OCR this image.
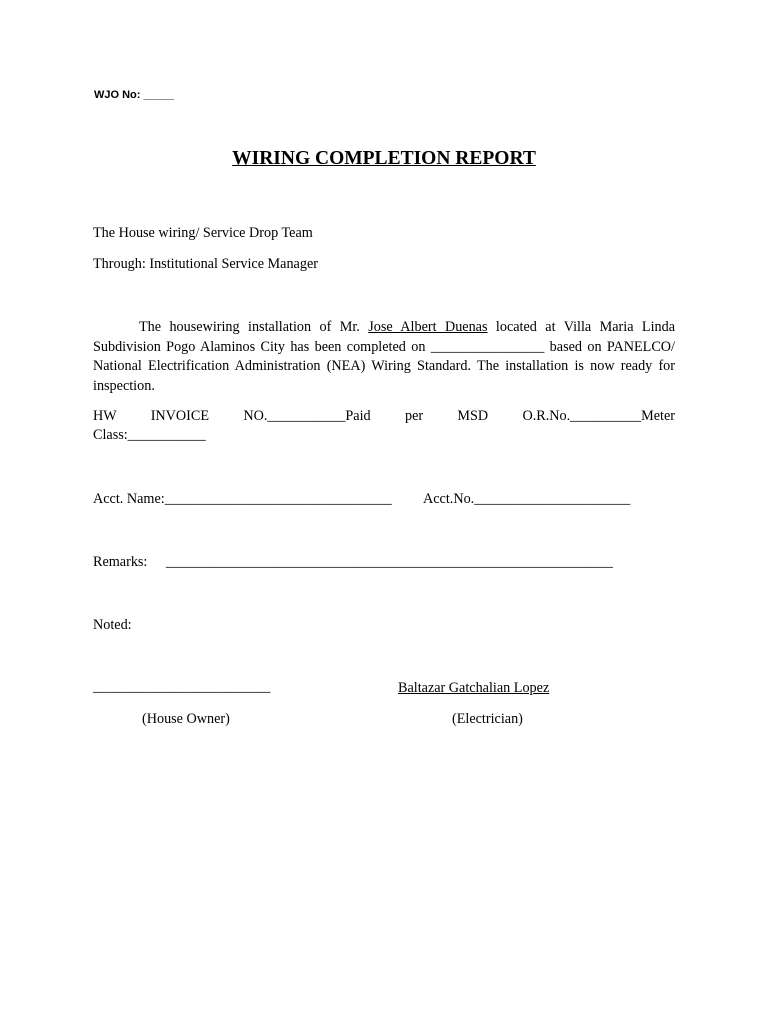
WJO No: _____
WIRING COMPLETION REPORT
The House wiring/ Service Drop Team
Through: Institutional Service Manager
The housewiring installation of Mr. Jose Albert Duenas located at Villa Maria Linda Subdivision Pogo Alaminos City has been completed on ________________ based on PANELCO/ National Electrification Administration (NEA) Wiring Standard. The installation is now ready for inspection.
HW INVOICE NO.___________Paid per MSD O.R.No.__________Meter
Class:___________
Acct. Name:________________________________ Acct.No.______________________
Remarks: _______________________________________________________________
Noted:
_________________________	Baltazar Gatchalian Lopez
(House Owner)	(Electrician)
